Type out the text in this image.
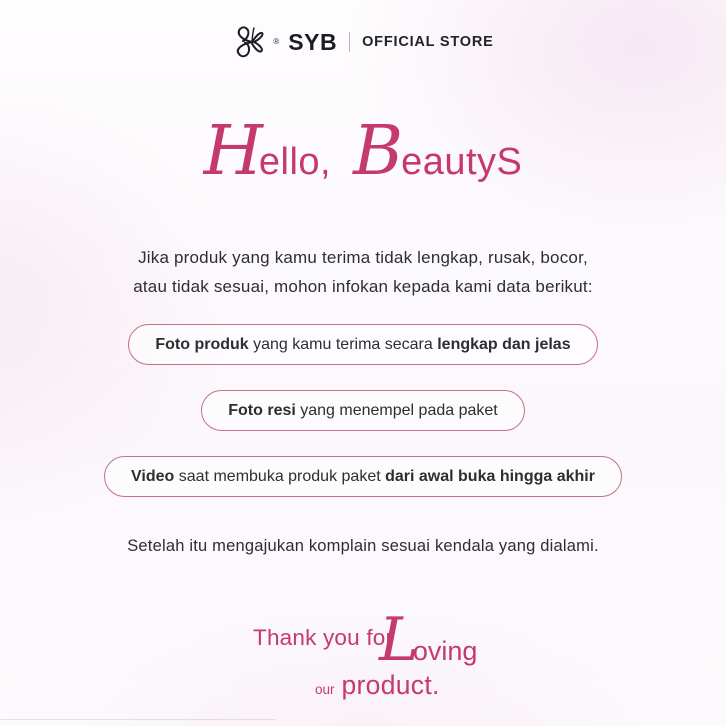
® SYB OFFICIAL STORE
H
ello, B
eautyS
Jika produk yang kamu terima tidak lengkap, rusak, bocor,
atau tidak sesuai, mohon infokan kepada kami data berikut:
Foto produk yang kamu terima secara lengkap dan jelas
Foto resi yang menempel pada paket
Video saat membuka produk paket dari awal buka hingga akhir
Setelah itu mengajukan komplain sesuai kendala yang dialami.
Thank you for
Loving
our product.
